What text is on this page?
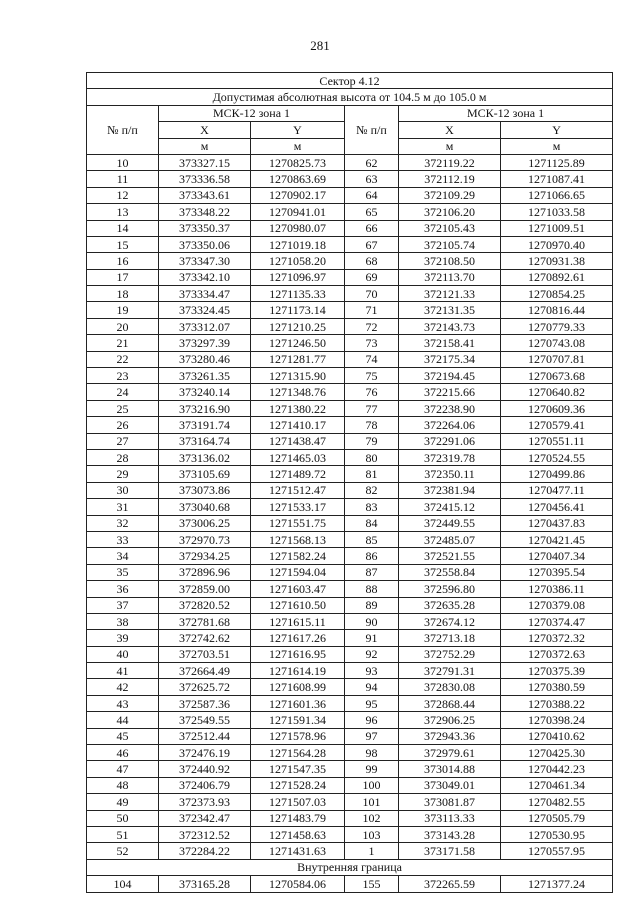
281
Сектор 4.12					
Допустимая абсолютная высота от 104.5 м до 105.0 м					
№ п/п	МСК-12 зона 1		№ п/п	МСК-12 зона 1	
	X	Y		X	Y
	м	м		м	м
10	373327.15	1270825.73	62	372119.22	1271125.89
11	373336.58	1270863.69	63	372112.19	1271087.41
12	373343.61	1270902.17	64	372109.29	1271066.65
13	373348.22	1270941.01	65	372106.20	1271033.58
14	373350.37	1270980.07	66	372105.43	1271009.51
15	373350.06	1271019.18	67	372105.74	1270970.40
16	373347.30	1271058.20	68	372108.50	1270931.38
17	373342.10	1271096.97	69	372113.70	1270892.61
18	373334.47	1271135.33	70	372121.33	1270854.25
19	373324.45	1271173.14	71	372131.35	1270816.44
20	373312.07	1271210.25	72	372143.73	1270779.33
21	373297.39	1271246.50	73	372158.41	1270743.08
22	373280.46	1271281.77	74	372175.34	1270707.81
23	373261.35	1271315.90	75	372194.45	1270673.68
24	373240.14	1271348.76	76	372215.66	1270640.82
25	373216.90	1271380.22	77	372238.90	1270609.36
26	373191.74	1271410.17	78	372264.06	1270579.41
27	373164.74	1271438.47	79	372291.06	1270551.11
28	373136.02	1271465.03	80	372319.78	1270524.55
29	373105.69	1271489.72	81	372350.11	1270499.86
30	373073.86	1271512.47	82	372381.94	1270477.11
31	373040.68	1271533.17	83	372415.12	1270456.41
32	373006.25	1271551.75	84	372449.55	1270437.83
33	372970.73	1271568.13	85	372485.07	1270421.45
34	372934.25	1271582.24	86	372521.55	1270407.34
35	372896.96	1271594.04	87	372558.84	1270395.54
36	372859.00	1271603.47	88	372596.80	1270386.11
37	372820.52	1271610.50	89	372635.28	1270379.08
38	372781.68	1271615.11	90	372674.12	1270374.47
39	372742.62	1271617.26	91	372713.18	1270372.32
40	372703.51	1271616.95	92	372752.29	1270372.63
41	372664.49	1271614.19	93	372791.31	1270375.39
42	372625.72	1271608.99	94	372830.08	1270380.59
43	372587.36	1271601.36	95	372868.44	1270388.22
44	372549.55	1271591.34	96	372906.25	1270398.24
45	372512.44	1271578.96	97	372943.36	1270410.62
46	372476.19	1271564.28	98	372979.61	1270425.30
47	372440.92	1271547.35	99	373014.88	1270442.23
48	372406.79	1271528.24	100	373049.01	1270461.34
49	372373.93	1271507.03	101	373081.87	1270482.55
50	372342.47	1271483.79	102	373113.33	1270505.79
51	372312.52	1271458.63	103	373143.28	1270530.95
52	372284.22	1271431.63	1	373171.58	1270557.95
Внутренняя граница					
104	373165.28	1270584.06	155	372265.59	1271377.24
